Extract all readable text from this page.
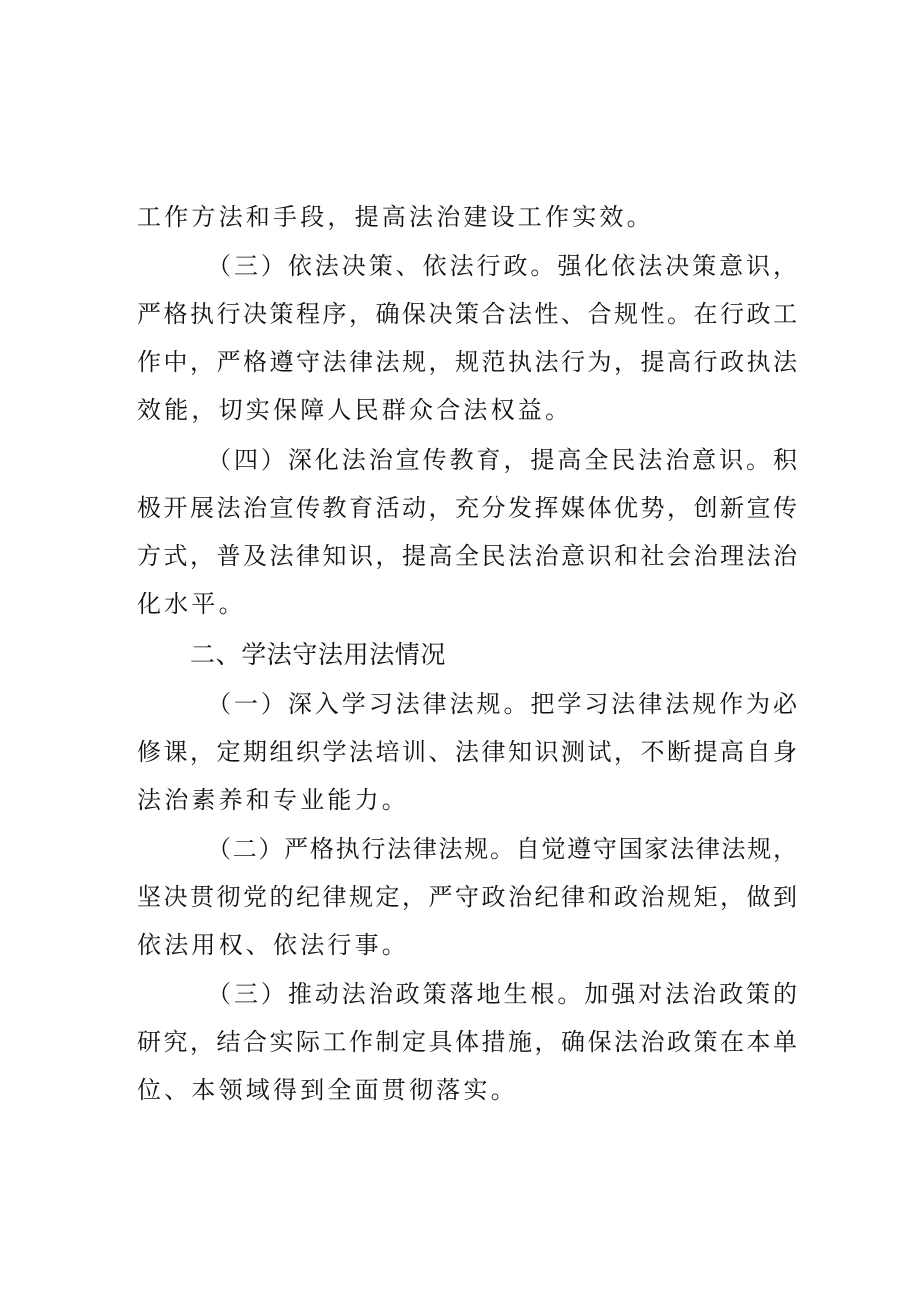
工作方法和手段，提高法治建设工作实效。
（三）依法决策、依法行政。强化依法决策意识，
严格执行决策程序，确保决策合法性、合规性。在行政工
作中，严格遵守法律法规，规范执法行为，提高行政执法
效能，切实保障人民群众合法权益。
（四）深化法治宣传教育，提高全民法治意识。积
极开展法治宣传教育活动，充分发挥媒体优势，创新宣传
方式，普及法律知识，提高全民法治意识和社会治理法治
化水平。
二、学法守法用法情况
（一）深入学习法律法规。把学习法律法规作为必
修课，定期组织学法培训、法律知识测试，不断提高自身
法治素养和专业能力。
（二）严格执行法律法规。自觉遵守国家法律法规，
坚决贯彻党的纪律规定，严守政治纪律和政治规矩，做到
依法用权、依法行事。
（三）推动法治政策落地生根。加强对法治政策的
研究，结合实际工作制定具体措施，确保法治政策在本单
位、本领域得到全面贯彻落实。
